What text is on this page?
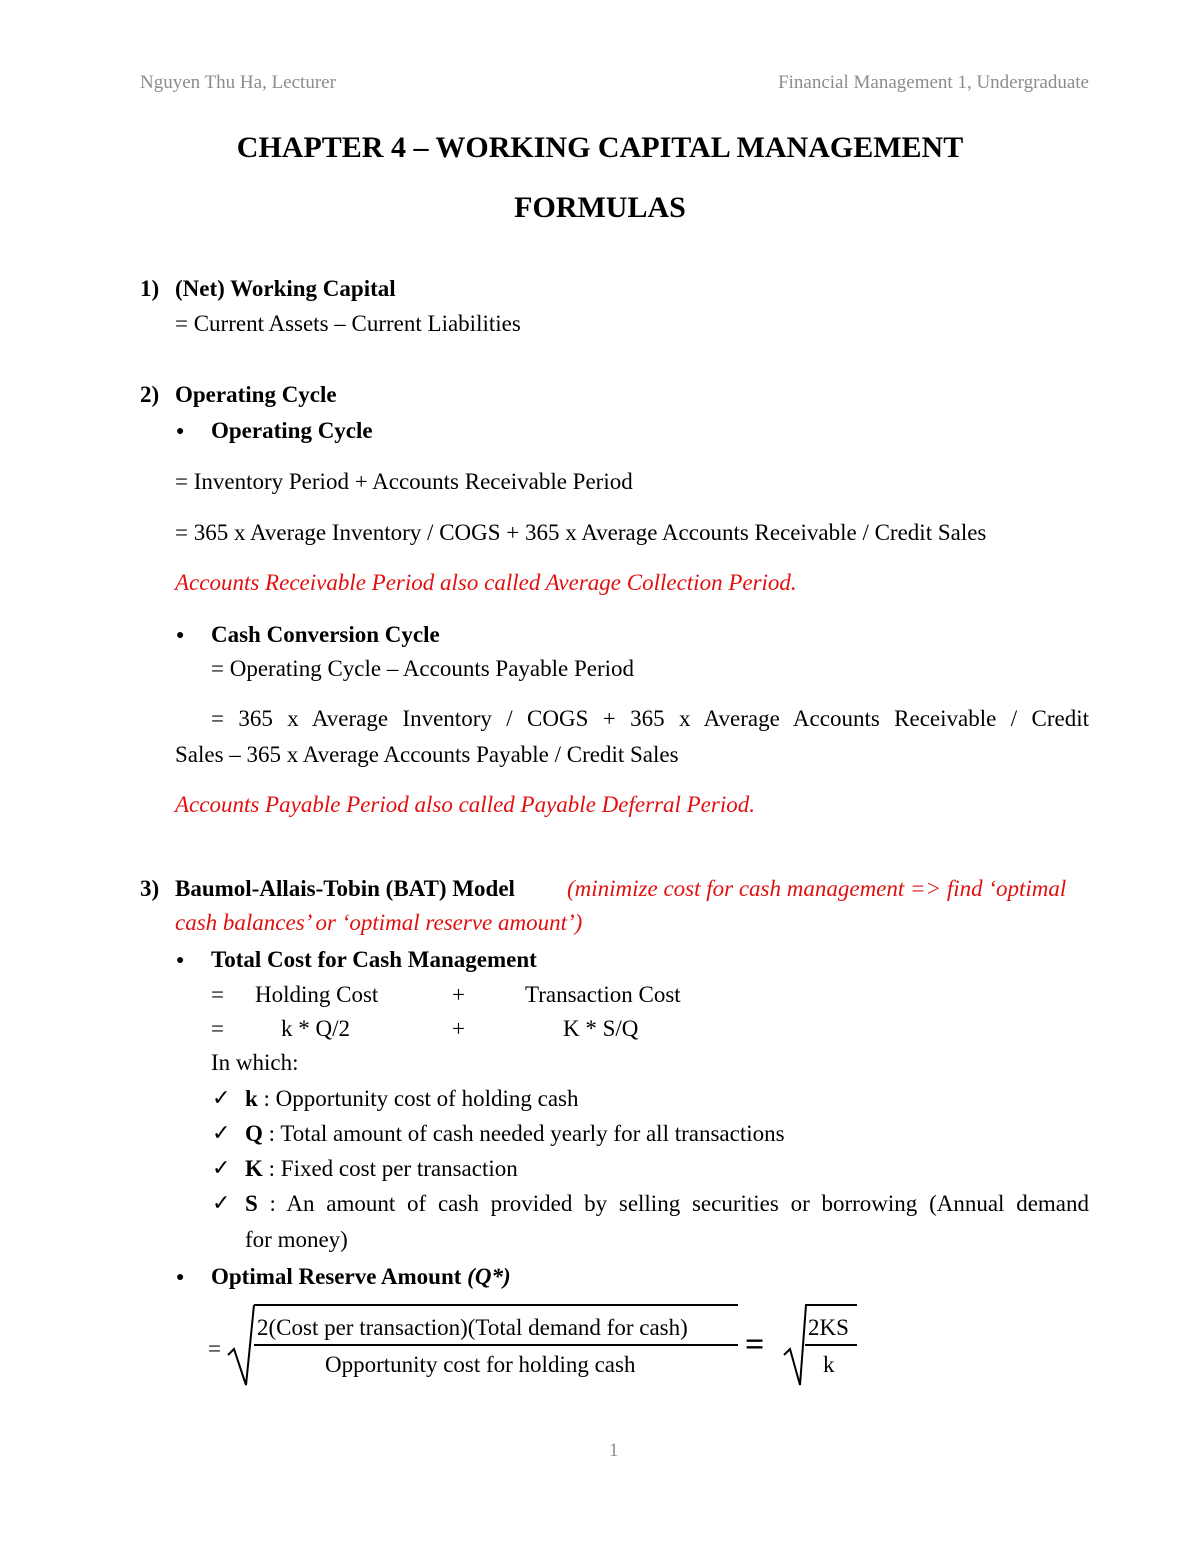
Nguyen Thu Ha, Lecturer	Financial Management 1, Undergraduate
CHAPTER 4 – WORKING CAPITAL MANAGEMENT
FORMULAS
1) (Net) Working Capital
= Current Assets – Current Liabilities
2) Operating Cycle
● Operating Cycle
= Inventory Period + Accounts Receivable Period
= 365 x Average Inventory / COGS + 365 x Average Accounts Receivable / Credit Sales
Accounts Receivable Period also called Average Collection Period.
● Cash Conversion Cycle
= Operating Cycle – Accounts Payable Period
= 365 x Average Inventory / COGS + 365 x Average Accounts Receivable / Credit
Sales – 365 x Average Accounts Payable / Credit Sales
Accounts Payable Period also called Payable Deferral Period.
3) Baumol-Allais-Tobin (BAT) Model (minimize cost for cash management => find ‘optimal
cash balances’ or ‘optimal reserve amount’)
● Total Cost for Cash Management
= Holding Cost	+	Transaction Cost
= k * Q/2	+	K * S/Q
In which:
✓ k : Opportunity cost of holding cash
✓ Q : Total amount of cash needed yearly for all transactions
✓ K : Fixed cost per transaction
✓ S : An amount of cash provided by selling securities or borrowing (Annual demand
for money)
● Optimal Reserve Amount (Q*)
=
2(Cost per transaction)(Total demand for cash)
Opportunity cost for holding cash
= 2KS
k
1
